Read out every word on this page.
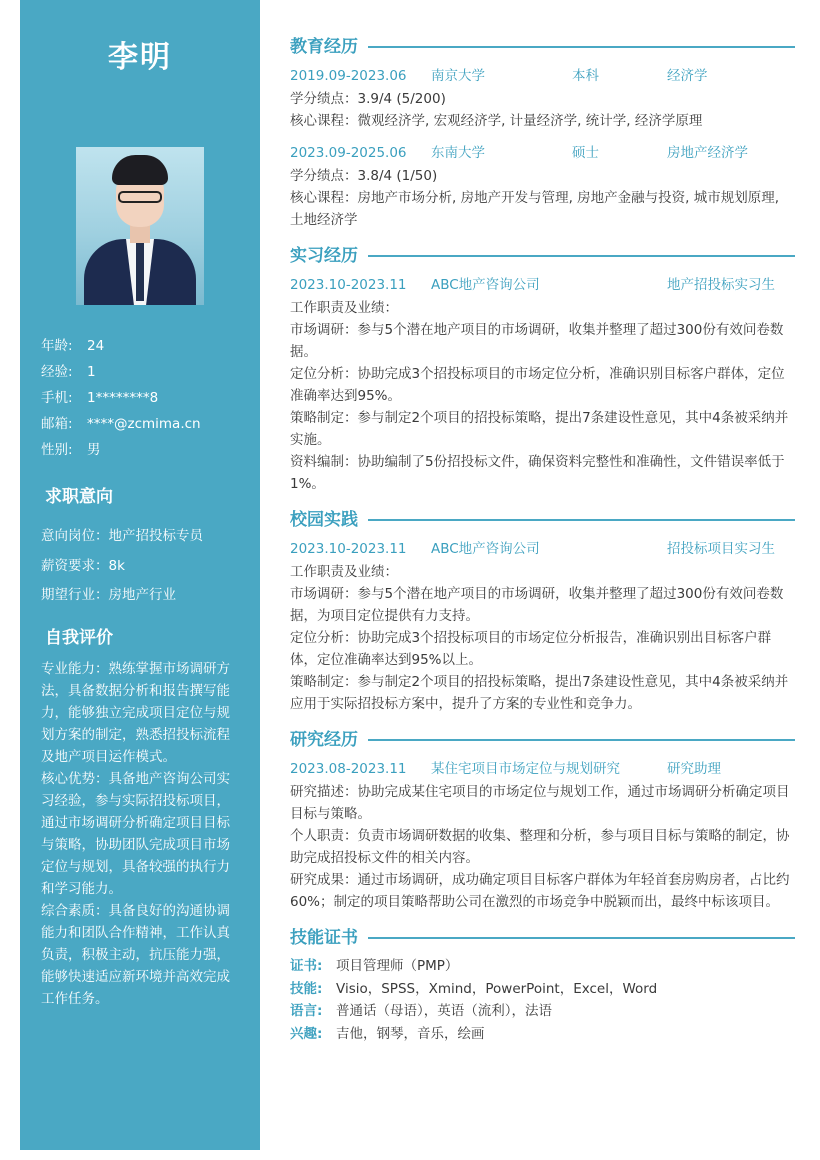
李明
年龄:	24
经验:	1
手机:	1********8
邮箱:	****@zcmima.cn
性别:	男
求职意向
意向岗位：地产招投标专员
薪资要求：8k
期望行业：房地产行业
自我评价
专业能力：熟练掌握市场调研方法，具备数据分析和报告撰写能力，能够独立完成项目定位与规划方案的制定，熟悉招投标流程及地产项目运作模式。
核心优势：具备地产咨询公司实习经验，参与实际招投标项目，通过市场调研分析确定项目目标与策略，协助团队完成项目市场定位与规划，具备较强的执行力和学习能力。
综合素质：具备良好的沟通协调能力和团队合作精神，工作认真负责，积极主动，抗压能力强，能够快速适应新环境并高效完成工作任务。
教育经历
2019.09-2023.06	南京大学	本科	经济学
学分绩点：3.9/4 (5/200)
核心课程：微观经济学, 宏观经济学, 计量经济学, 统计学, 经济学原理
2023.09-2025.06	东南大学	硕士	房地产经济学
学分绩点：3.8/4 (1/50)
核心课程：房地产市场分析, 房地产开发与管理, 房地产金融与投资, 城市规划原理, 土地经济学
实习经历
2023.10-2023.11	ABC地产咨询公司	地产招投标实习生
工作职责及业绩：
市场调研：参与5个潜在地产项目的市场调研，收集并整理了超过300份有效问卷数据。
定位分析：协助完成3个招投标项目的市场定位分析，准确识别目标客户群体，定位准确率达到95%。
策略制定：参与制定2个项目的招投标策略，提出7条建设性意见，其中4条被采纳并实施。
资料编制：协助编制了5份招投标文件，确保资料完整性和准确性，文件错误率低于1%。
校园实践
2023.10-2023.11	ABC地产咨询公司	招投标项目实习生
工作职责及业绩：
市场调研：参与5个潜在地产项目的市场调研，收集并整理了超过300份有效问卷数据，为项目定位提供有力支持。
定位分析：协助完成3个招投标项目的市场定位分析报告，准确识别出目标客户群体，定位准确率达到95%以上。
策略制定：参与制定2个项目的招投标策略，提出7条建设性意见，其中4条被采纳并应用于实际招投标方案中，提升了方案的专业性和竞争力。
研究经历
2023.08-2023.11	某住宅项目市场定位与规划研究	研究助理
研究描述：协助完成某住宅项目的市场定位与规划工作，通过市场调研分析确定项目目标与策略。
个人职责：负责市场调研数据的收集、整理和分析，参与项目目标与策略的制定，协助完成招投标文件的相关内容。
研究成果：通过市场调研，成功确定项目目标客户群体为年轻首套房购房者，占比约60%；制定的项目策略帮助公司在激烈的市场竞争中脱颖而出，最终中标该项目。
技能证书
证书:	项目管理师（PMP）
技能:	Visio，SPSS，Xmind，PowerPoint，Excel，Word
语言:	普通话（母语），英语（流利），法语
兴趣:	吉他，钢琴，音乐，绘画
